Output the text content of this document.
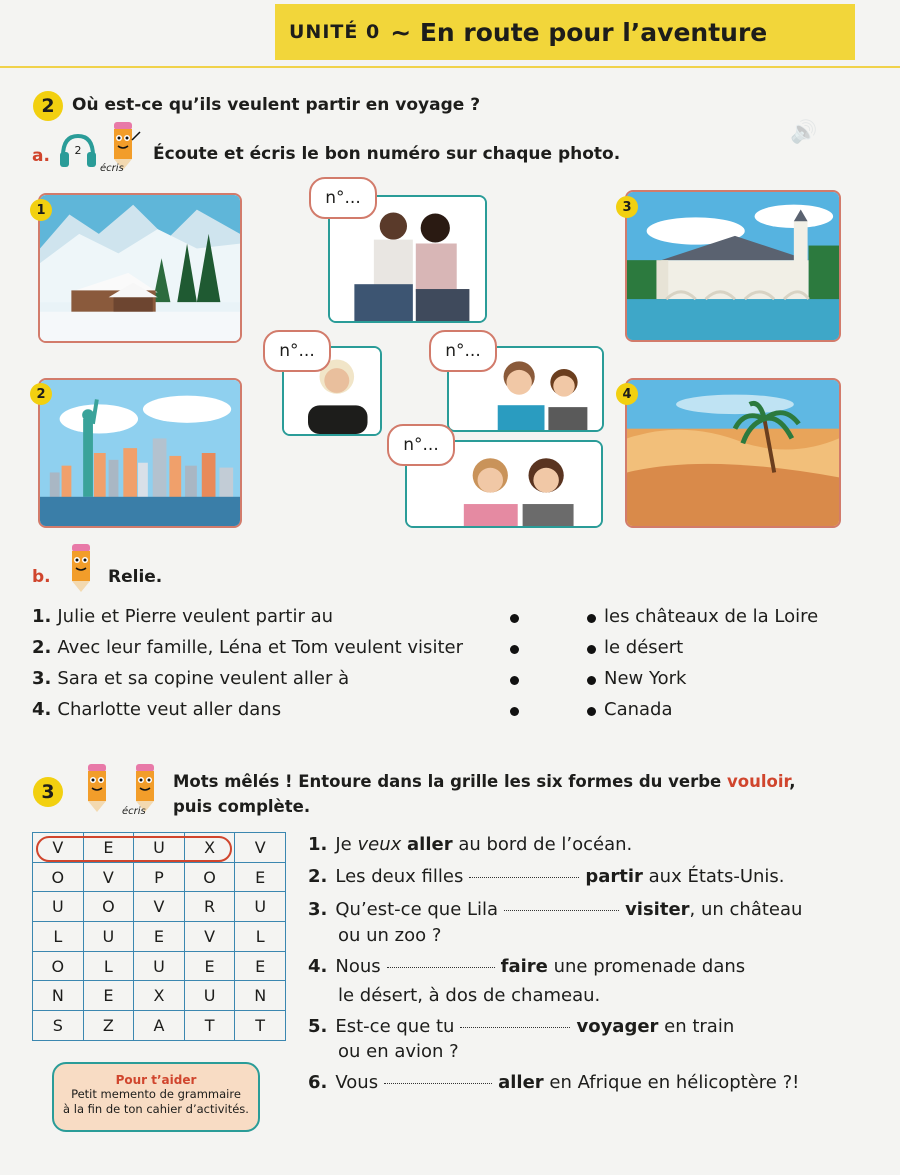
🔊
UNITÉ 0 ~ En route pour l’aventure
2	Où est-ce qu’ils veulent partir en voyage ?
a. 2
écris
Écoute et écris le bon numéro sur chaque photo.
1
2
3
4
n°...
n°...	n°...
n°...
b.	Relie.
1. Julie et Pierre veulent partir au
2. Avec leur famille, Léna et Tom veulent visiter
3. Sara et sa copine veulent aller à
4. Charlotte veut aller dans
les châteaux de la Loire
le désert
New York
Canada
3
écris
Mots mêlés ! Entoure dans la grille les six formes du verbe vouloir,
puis complète.
V	E	U	X	V
O	V	P	O	E
U	O	V	R	U
L	U	E	V	L
O	L	U	E	E
N	E	X	U	N
S	Z	A	T	T
1. Je veux aller au bord de l’océan.
2. Les deux filles	partir aux États-Unis.
3. Qu’est-ce que Lila	visiter, un château
ou un zoo ?
4. Nous	faire une promenade dans
le désert, à dos de chameau.
5. Est-ce que tu	voyager en train
ou en avion ?
6. Vous	aller en Afrique en hélicoptère ?!
Pour t’aider
Petit memento de grammaire
à la fin de ton cahier d’activités.
